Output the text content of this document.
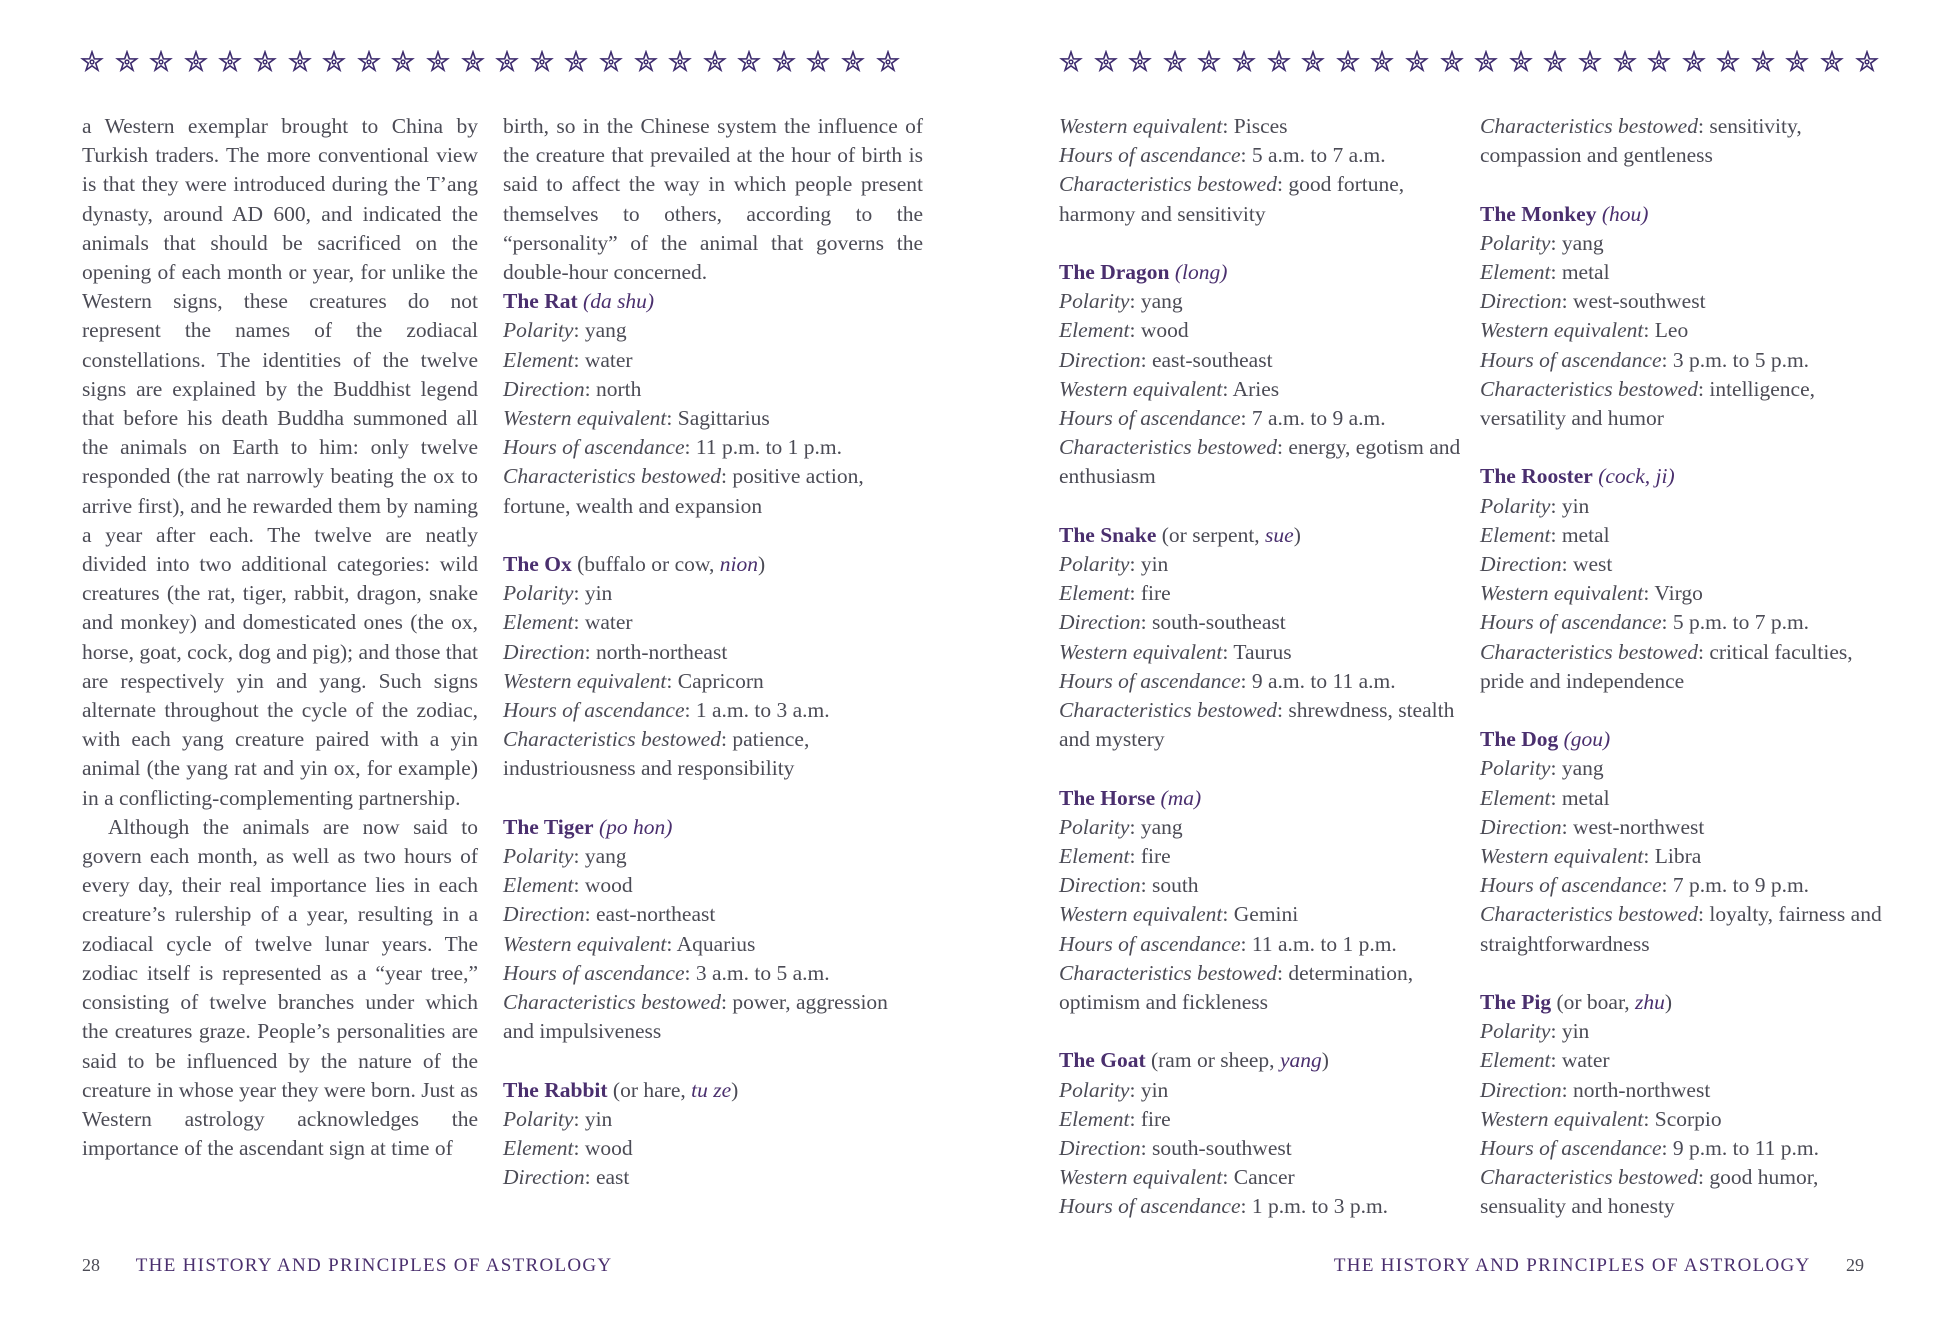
a Western exemplar brought to China by Turkish traders. The more conventional view is that they were introduced during the T’ang dynasty, around AD 600, and indicated the animals that should be sacrificed on the opening of each month or year, for unlike the Western signs, these creatures do not represent the names of the zodiacal constellations. The identities of the twelve signs are explained by the Buddhist legend that before his death Buddha summoned all the animals on Earth to him: only twelve responded (the rat narrowly beating the ox to arrive first), and he rewarded them by naming a year after each. The twelve are neatly divided into two additional categories: wild creatures (the rat, tiger, rabbit, dragon, snake and monkey) and domesticated ones (the ox, horse, goat, cock, dog and pig); and those that are respectively yin and yang. Such signs alternate throughout the cycle of the zodiac, with each yang creature paired with a yin animal (the yang rat and yin ox, for example) in a conflicting-complementing partnership.

Although the animals are now said to govern each month, as well as two hours of every day, their real importance lies in each creature’s rulership of a year, resulting in a zodiacal cycle of twelve lunar years. The zodiac itself is represented as a “year tree,” consisting of twelve branches under which the creatures graze. People’s personalities are said to be influenced by the nature of the creature in whose year they were born. Just as Western astrology acknowledges the importance of the ascendant sign at time of

birth, so in the Chinese system the influence of the creature that prevailed at the hour of birth is said to affect the way in which people present themselves to others, according to the “personality” of the animal that governs the double-hour concerned.

The Rat (da shu)
Polarity: yang
Element: water
Direction: north
Western equivalent: Sagittarius
Hours of ascendance: 11 p.m. to 1 p.m.
Characteristics bestowed: positive action, fortune, wealth and expansion
The Ox (buffalo or cow, nion)
Polarity: yin
Element: water
Direction: north-northeast
Western equivalent: Capricorn
Hours of ascendance: 1 a.m. to 3 a.m.
Characteristics bestowed: patience, industriousness and responsibility
The Tiger (po hon)
Polarity: yang
Element: wood
Direction: east-northeast
Western equivalent: Aquarius
Hours of ascendance: 3 a.m. to 5 a.m.
Characteristics bestowed: power, aggression and impulsiveness
The Rabbit (or hare, tu ze)
Polarity: yin
Element: wood
Direction: east
28 THE HISTORY AND PRINCIPLES OF ASTROLOGY
Western equivalent: Pisces
Hours of ascendance: 5 a.m. to 7 a.m.
Characteristics bestowed: good fortune, harmony and sensitivity
The Dragon (long)
Polarity: yang
Element: wood
Direction: east-southeast
Western equivalent: Aries
Hours of ascendance: 7 a.m. to 9 a.m.
Characteristics bestowed: energy, egotism and enthusiasm
The Snake (or serpent, sue)
Polarity: yin
Element: fire
Direction: south-southeast
Western equivalent: Taurus
Hours of ascendance: 9 a.m. to 11 a.m.
Characteristics bestowed: shrewdness, stealth and mystery
The Horse (ma)
Polarity: yang
Element: fire
Direction: south
Western equivalent: Gemini
Hours of ascendance: 11 a.m. to 1 p.m.
Characteristics bestowed: determination, optimism and fickleness
The Goat (ram or sheep, yang)
Polarity: yin
Element: fire
Direction: south-southwest
Western equivalent: Cancer
Hours of ascendance: 1 p.m. to 3 p.m.
Characteristics bestowed: sensitivity, compassion and gentleness
The Monkey (hou)
Polarity: yang
Element: metal
Direction: west-southwest
Western equivalent: Leo
Hours of ascendance: 3 p.m. to 5 p.m.
Characteristics bestowed: intelligence, versatility and humor
The Rooster (cock, ji)
Polarity: yin
Element: metal
Direction: west
Western equivalent: Virgo
Hours of ascendance: 5 p.m. to 7 p.m.
Characteristics bestowed: critical faculties, pride and independence
The Dog (gou)
Polarity: yang
Element: metal
Direction: west-northwest
Western equivalent: Libra
Hours of ascendance: 7 p.m. to 9 p.m.
Characteristics bestowed: loyalty, fairness and straightforwardness
The Pig (or boar, zhu)
Polarity: yin
Element: water
Direction: north-northwest
Western equivalent: Scorpio
Hours of ascendance: 9 p.m. to 11 p.m.
Characteristics bestowed: good humor, sensuality and honesty
THE HISTORY AND PRINCIPLES OF ASTROLOGY 29
